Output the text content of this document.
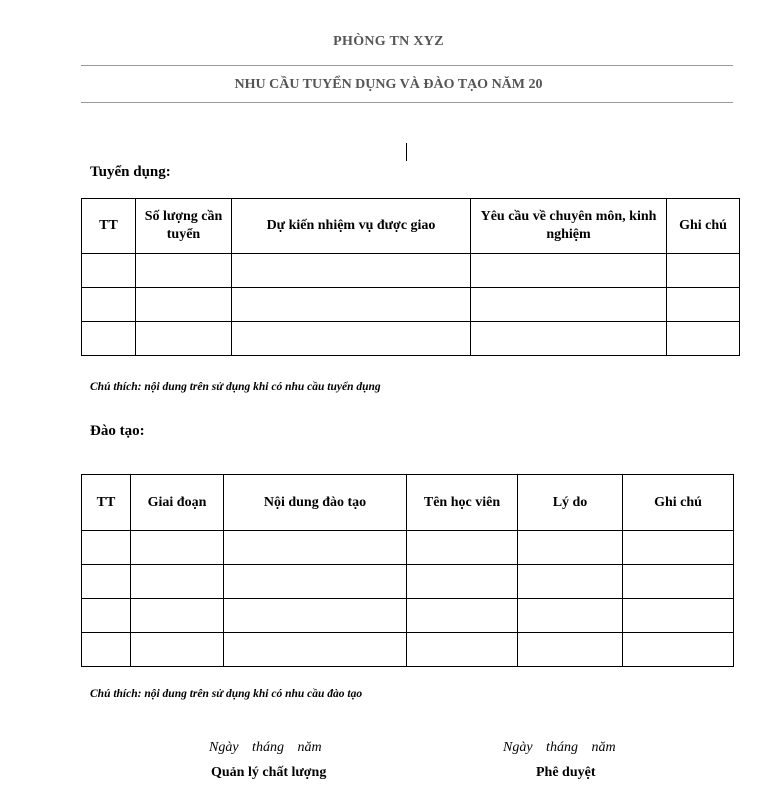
PHÒNG TN XYZ
NHU CẦU TUYỂN DỤNG VÀ ĐÀO TẠO NĂM 20
Tuyển dụng:
TT	Số lượng cần tuyển	Dự kiến nhiệm vụ được giao	Yêu cầu về chuyên môn, kinh nghiệm	Ghi chú

Chú thích: nội dung trên sử dụng khi có nhu cầu tuyển dụng
Đào tạo:
TT	Giai đoạn	Nội dung đào tạo	Tên học viên	Lý do	Ghi chú

Chú thích: nội dung trên sử dụng khi có nhu cầu đào tạo
Ngày tháng năm
Quản lý chất lượng
Ngày tháng năm
Phê duyệt
